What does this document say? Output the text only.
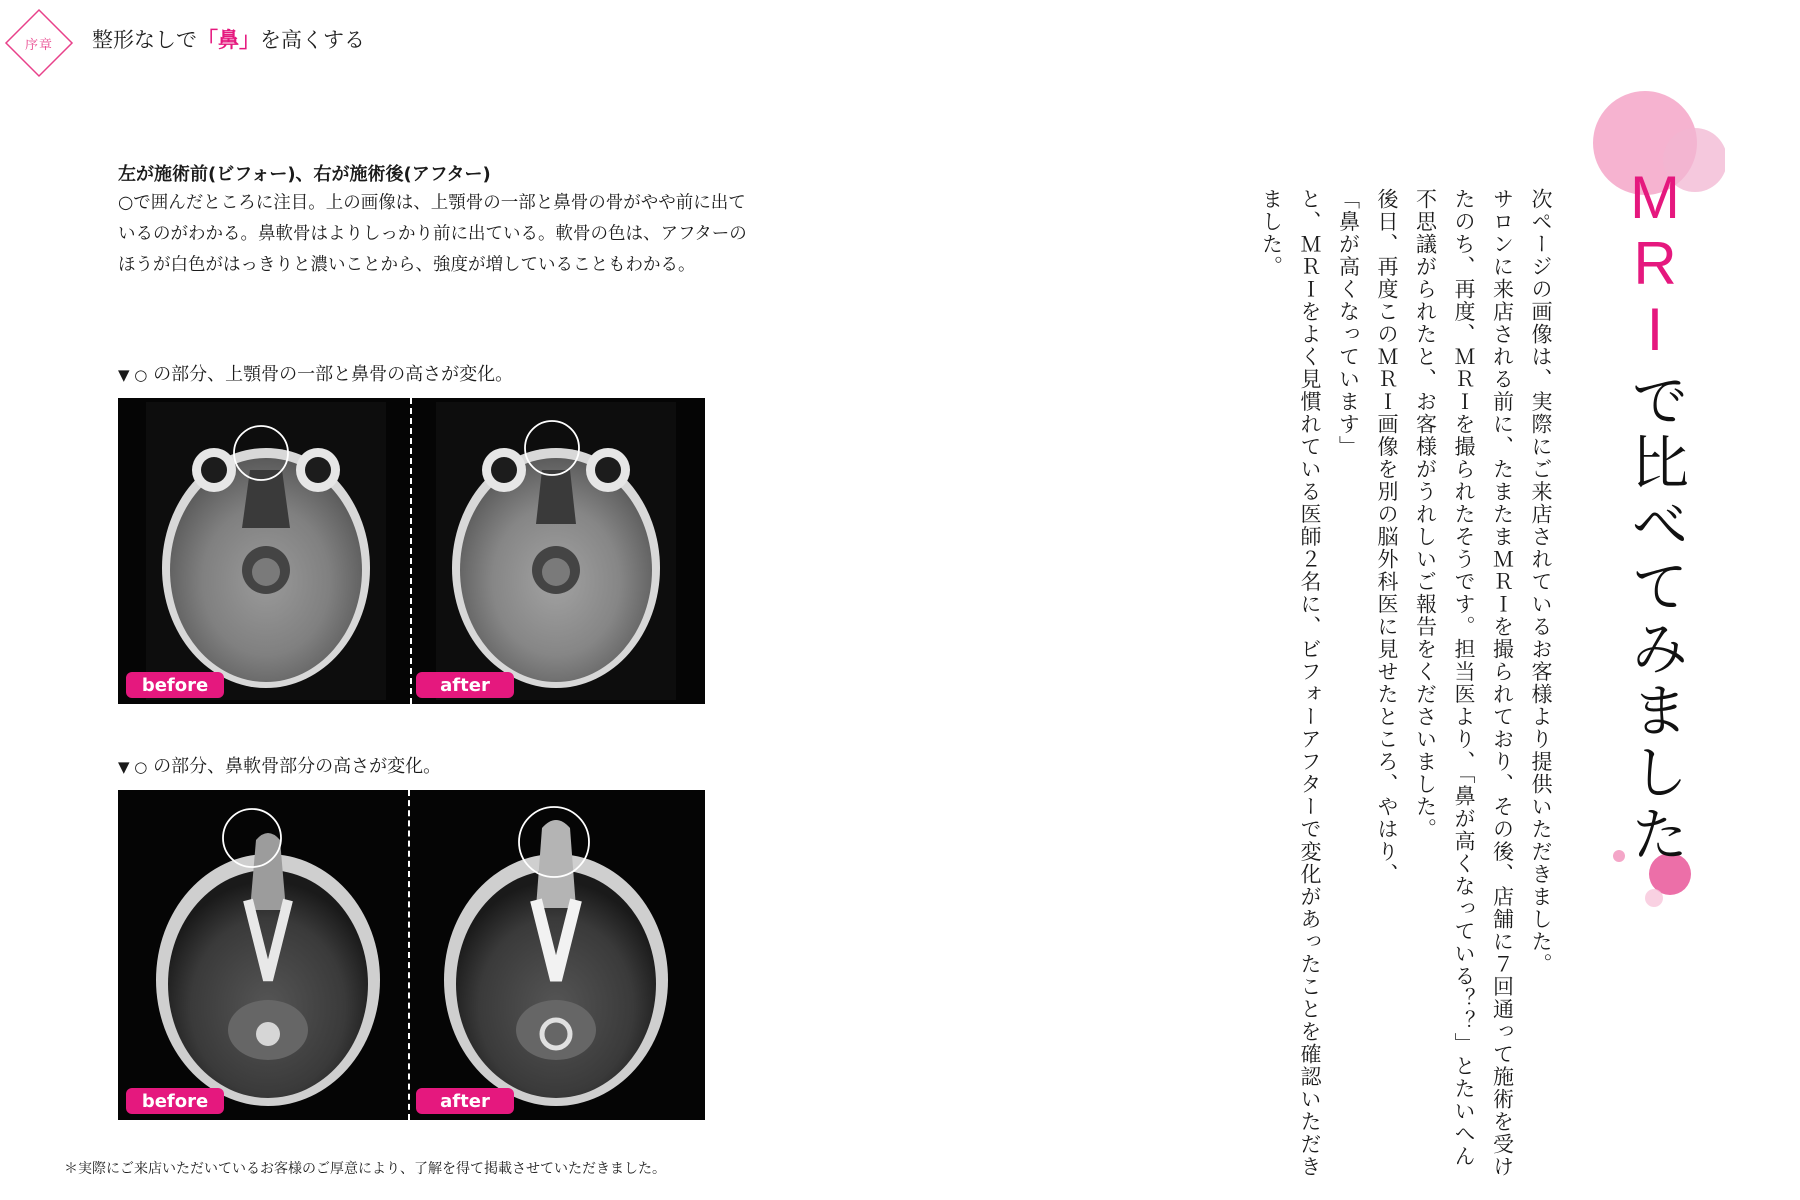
序章 整形なしで「鼻」を高くする
左が施術前(ビフォー)、右が施術後(アフター)
○で囲んだところに注目。上の画像は、上顎骨の一部と鼻骨の骨がやや前に出ているのがわかる。鼻軟骨はよりしっかり前に出ている。軟骨の色は、アフターのほうが白色がはっきりと濃いことから、強度が増していることもわかる。
▼ ○ の部分、上顎骨の一部と鼻骨の高さが変化。
before	after
▼ ○ の部分、鼻軟骨部分の高さが変化。
before	after
＊実際にご来店いただいているお客様のご厚意により、了解を得て掲載させていただきました。
M
R
I
で比べてみました

次ページの画像は、実際にご来店されているお客様より提供いただきました。

サロンに来店される前に、たまたまＭＲＩを撮られており、その後、店舗に７回通って施術を受けたのち、再度、ＭＲＩを撮られたそうです。担当医より、「鼻が高くなっている？？」とたいへん不思議がられたと、お客様がうれしいご報告をくださいました。

後日、再度このＭＲＩ画像を別の脳外科医に見せたところ、やはり、

「鼻が高くなっています」

と、ＭＲＩをよく見慣れている医師２名に、ビフォーアフターで変化があったことを確認いただきました。
